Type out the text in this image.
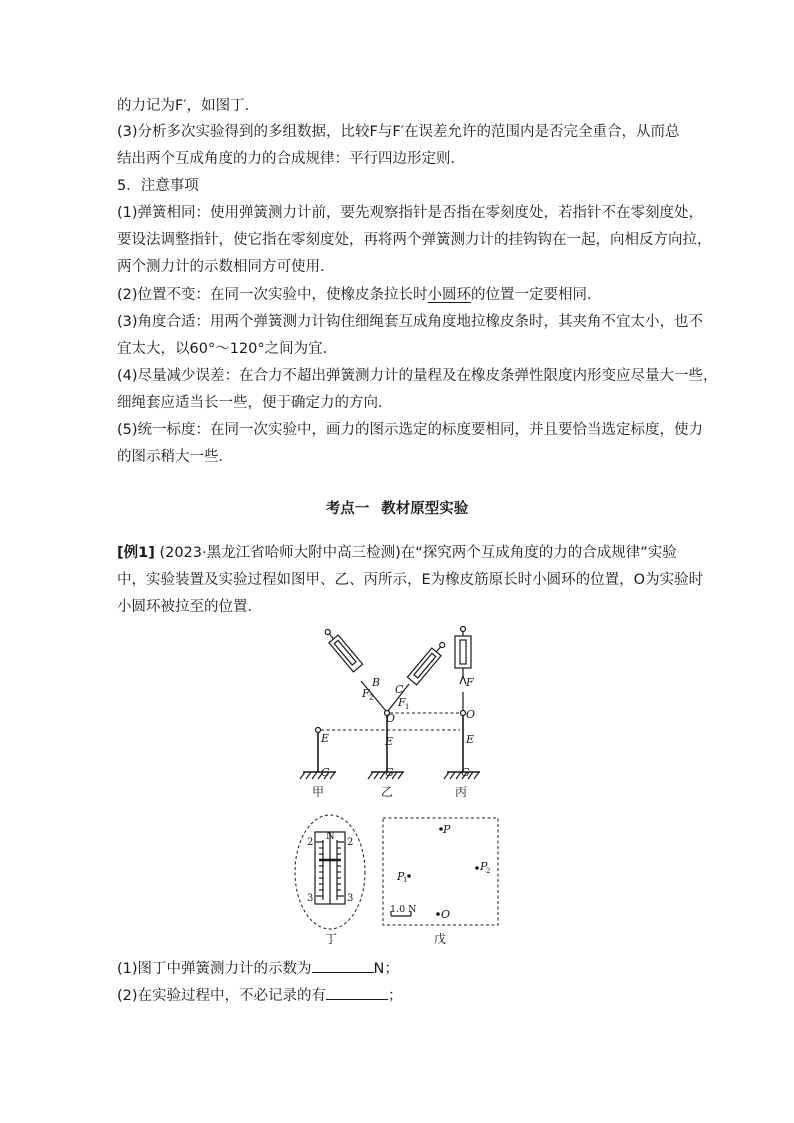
的力记为F′，如图丁．
(3)分析多次实验得到的多组数据，比较F与F′在误差允许的范围内是否完全重合，从而总
结出两个互成角度的力的合成规律：平行四边形定则．
5．注意事项
(1)弹簧相同：使用弹簧测力计前，要先观察指针是否指在零刻度处，若指针不在零刻度处，
要设法调整指针，使它指在零刻度处，再将两个弹簧测力计的挂钩钩在一起，向相反方向拉，
两个测力计的示数相同方可使用．
(2)位置不变：在同一次实验中，使橡皮条拉长时小圆环的位置一定要相同．
(3)角度合适：用两个弹簧测力计钩住细绳套互成角度地拉橡皮条时，其夹角不宜太小，也不
宜太大，以60°～120°之间为宜．
(4)尽量减少误差：在合力不超出弹簧测力计的量程及在橡皮条弹性限度内形变应尽量大一些，
细绳套应适当长一些，便于确定力的方向．
(5)统一标度：在同一次实验中，画力的图示选定的标度要相同，并且要恰当选定标度，使力
的图示稍大一些．
考点一 教材原型实验
[例1] (2023·黑龙江省哈师大附中高三检测)在“探究两个互成角度的力的合成规律”实验
中，实验装置及实验过程如图甲、乙、丙所示，E为橡皮筋原长时小圆环的位置，O为实验时
小圆环被拉至的位置．
E
G
E
G
O
B
C
F 2 F 1
E
G
O
F
P
P
1
P
2
O
N
2	2
3	3
1.0 N
甲	乙	丙
丁	戊
(1)图丁中弹簧测力计的示数为	N；
(2)在实验过程中，不必记录的有	；
